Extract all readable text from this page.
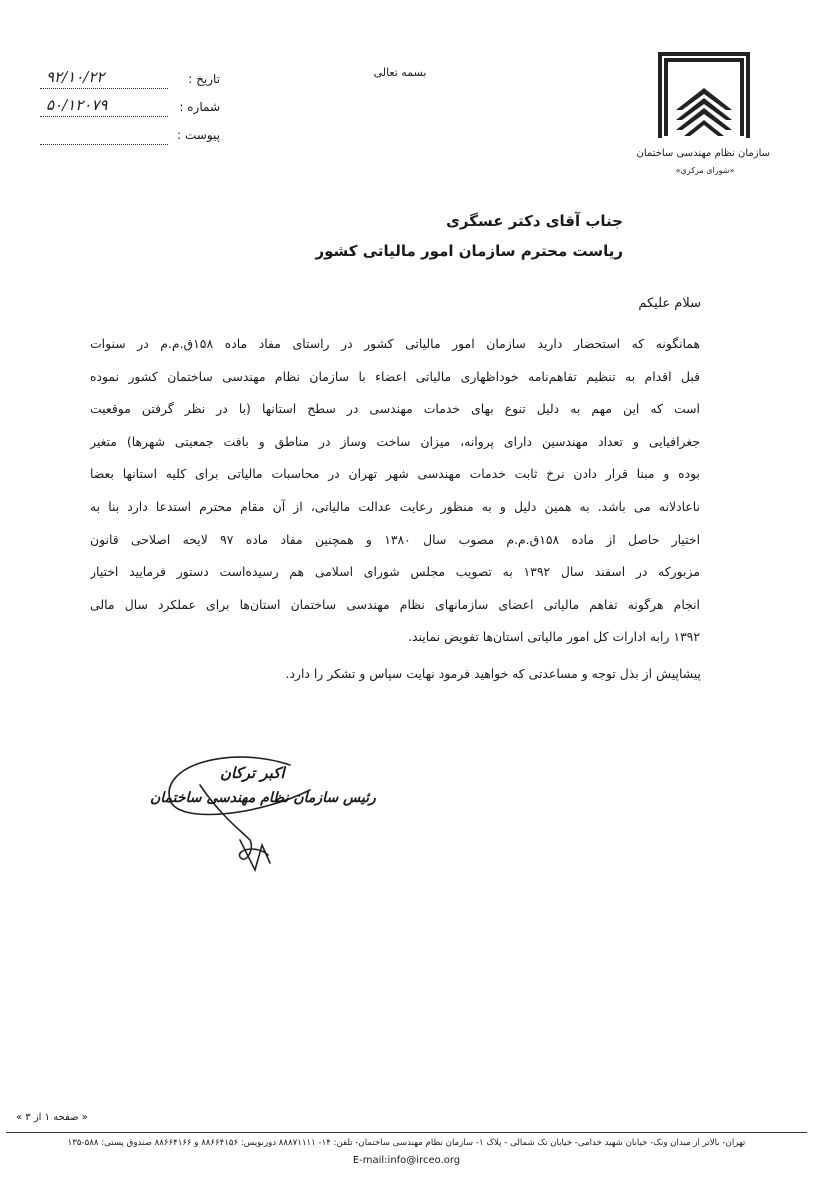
سازمان نظام مهندسی ساختمان
«شورای مرکزی»
بسمه تعالی
تاریخ :
۹۲/۱۰/۲۲
شماره :
۵۰/۱۲۰۷۹
پیوست :
جناب آقای دکتر عسگری
ریاست محترم سازمان امور مالیاتی کشور
سلام علیکم
همانگونه که استحضار دارید سازمان امور مالیاتی کشور در راستای مفاد ماده ۱۵۸ق.م.م در سنوات
قبل اقدام به تنظیم تفاهم‌نامه خوداظهاری مالیاتی اعضاء با سازمان نظام مهندسی ساختمان کشور نموده
است که این مهم به دلیل تنوع بهای خدمات مهندسی در سطح استانها (با در نظر گرفتن موقعیت
جغرافیایی و تعداد مهندسین دارای پروانه، میزان ساخت وساز در مناطق و بافت جمعیتی شهرها) متغیر
بوده و مبنا قرار دادن نرخ ثابت خدمات مهندسی شهر تهران در محاسبات مالیاتی برای کلیه استانها بعضا
ناعادلانه می باشد. به همین دلیل و به منظور رعایت عدالت مالیاتی، از آن مقام محترم استدعا دارد بنا به
اختیار حاصل از ماده ۱۵۸ق.م.م مصوب سال ۱۳۸۰ و همچنین مفاد ماده ۹۷ لایحه اصلاحی قانون
مزبورکه در اسفند سال ۱۳۹۲ به تصویب مجلس شورای اسلامی هم رسیده‌است دستور فرمایید اختیار
انجام هرگونه تفاهم مالیاتی اعضای سازمانهای نظام مهندسی ساختمان استان‌ها برای عملکرد سال مالی
۱۳۹۲ رابه ادارات کل امور مالیاتی استان‌ها تفویض نمایند.
پیشاپیش از بذل توجه و مساعدتی که خواهید فرمود نهایت سپاس و تشکر را دارد.
اکبر ترکان
رئیس سازمان نظام مهندسی ساختمان
« صفحه ۱ از ۳ »
تهران- بالاتر از میدان ونک- خیابان شهید خدامی- خیابان تک شمالی - پلاک ۱- سازمان نظام مهندسی ساختمان- تلفن: ۱۴- ۸۸۸۷۱۱۱۱ دورنویس: ۸۸۶۶۴۱۵۶ و ۸۸۶۶۴۱۶۶ صندوق پستی: ۵۸۸-۱۳۵
E-mail:info@irceo.org
